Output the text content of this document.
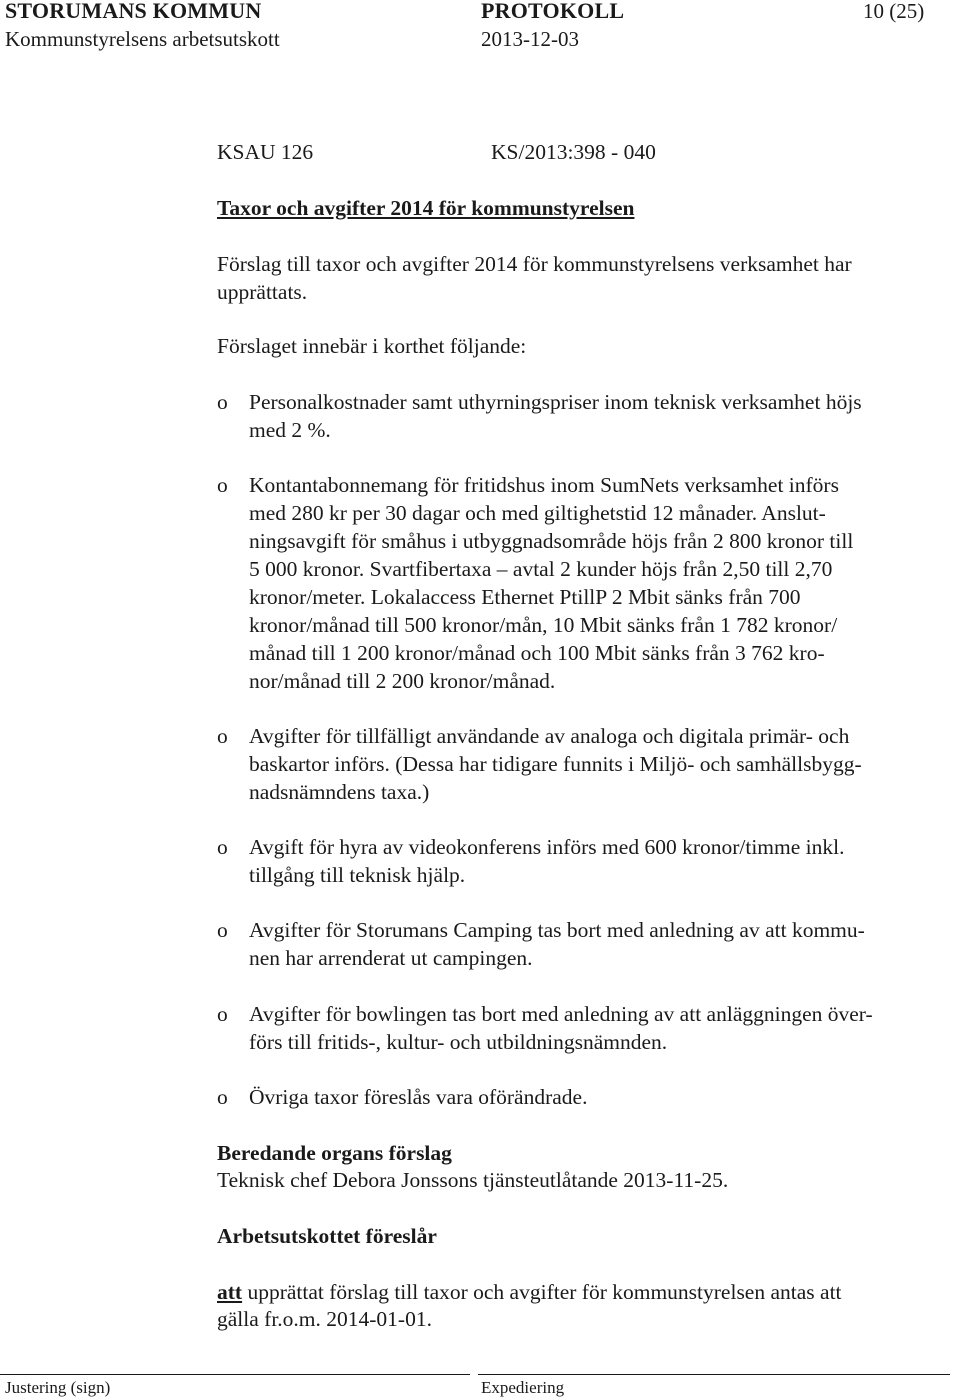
STORUMANS KOMMUN	PROTOKOLL	10 (25)
Kommunstyrelsens arbetsutskott	2013-12-03
KSAU 126	KS/2013:398 - 040
Taxor och avgifter 2014 för kommunstyrelsen
Förslag till taxor och avgifter 2014 för kommunstyrelsens verksamhet har
upprättats.
Förslaget innebär i korthet följande:
o Personalkostnader samt uthyrningspriser inom teknisk verksamhet höjs
med 2 %.
o Kontantabonnemang för fritidshus inom SumNets verksamhet införs
med 280 kr per 30 dagar och med giltighetstid 12 månader. Anslut-
ningsavgift för småhus i utbyggnadsområde höjs från 2 800 kronor till
5 000 kronor. Svartfibertaxa – avtal 2 kunder höjs från 2,50 till 2,70
kronor/meter. Lokalaccess Ethernet PtillP 2 Mbit sänks från 700
kronor/månad till 500 kronor/mån, 10 Mbit sänks från 1 782 kronor/
månad till 1 200 kronor/månad och 100 Mbit sänks från 3 762 kro-
nor/månad till 2 200 kronor/månad.
o Avgifter för tillfälligt användande av analoga och digitala primär- och
baskartor införs. (Dessa har tidigare funnits i Miljö- och samhällsbygg-
nadsnämndens taxa.)
o Avgift för hyra av videokonferens införs med 600 kronor/timme inkl.
tillgång till teknisk hjälp.
o Avgifter för Storumans Camping tas bort med anledning av att kommu-
nen har arrenderat ut campingen.
o Avgifter för bowlingen tas bort med anledning av att anläggningen över-
förs till fritids-, kultur- och utbildningsnämnden.
o Övriga taxor föreslås vara oförändrade.
Beredande organs förslag
Teknisk chef Debora Jonssons tjänsteutlåtande 2013-11-25.
Arbetsutskottet föreslår
att upprättat förslag till taxor och avgifter för kommunstyrelsen antas att
gälla fr.o.m. 2014-01-01.
Justering (sign)	Expediering
